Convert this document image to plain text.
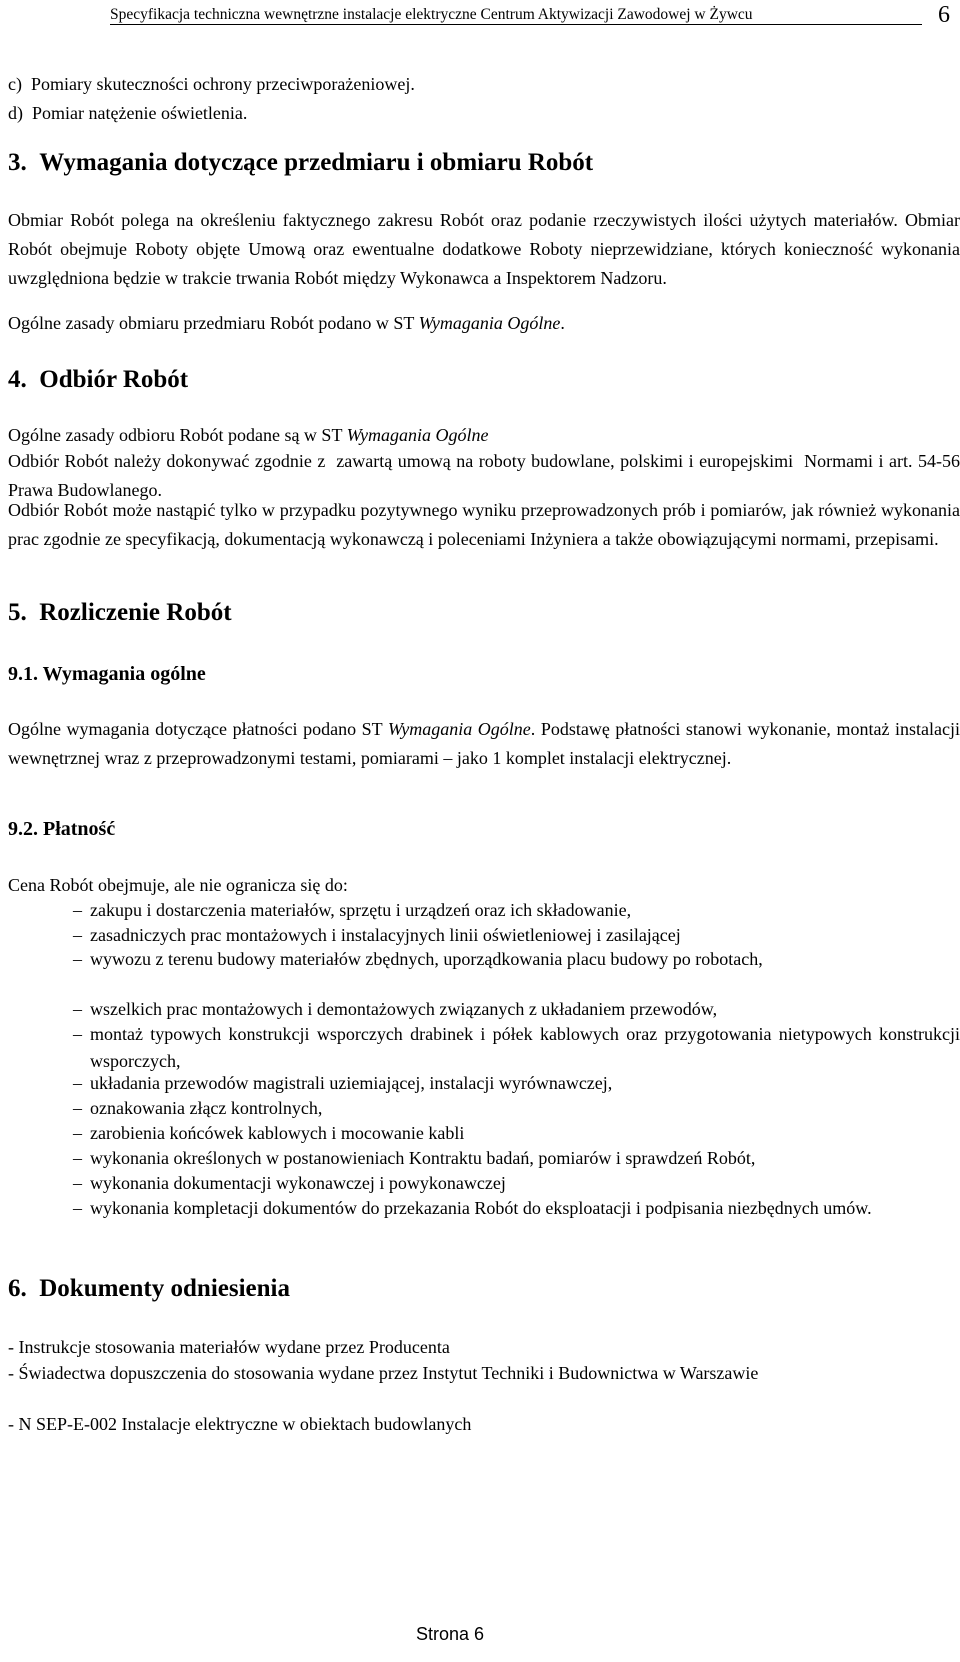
Specyfikacja techniczna wewnętrzne instalacje elektryczne Centrum Aktywizacji Zawodowej w Żywcu	6
c)  Pomiary skuteczności ochrony przeciwporażeniowej.
d)  Pomiar natężenie oświetlenia.
3.  Wymagania dotyczące przedmiaru i obmiaru Robót
Obmiar Robót polega na określeniu faktycznego zakresu Robót oraz podanie rzeczywistych ilości użytych materiałów. Obmiar Robót obejmuje Roboty objęte Umową oraz ewentualne dodatkowe Roboty nieprzewidziane, których konieczność wykonania uwzględniona będzie w trakcie trwania Robót między Wykonawca a Inspektorem Nadzoru.
Ogólne zasady obmiaru przedmiaru Robót podano w ST Wymagania Ogólne.
4.  Odbiór Robót
Ogólne zasady odbioru Robót podane są w ST Wymagania Ogólne
Odbiór Robót należy dokonywać zgodnie z  zawartą umową na roboty budowlane, polskimi i europejskimi  Normami i art. 54-56 Prawa Budowlanego.
Odbiór Robót może nastąpić tylko w przypadku pozytywnego wyniku przeprowadzonych prób i pomiarów, jak również wykonania prac zgodnie ze specyfikacją, dokumentacją wykonawczą i poleceniami Inżyniera a także obowiązującymi normami, przepisami.
5.  Rozliczenie Robót
9.1. Wymagania ogólne
Ogólne wymagania dotyczące płatności podano ST Wymagania Ogólne. Podstawę płatności stanowi wykonanie, montaż instalacji wewnętrznej wraz z przeprowadzonymi testami, pomiarami – jako 1 komplet instalacji elektrycznej.
9.2. Płatność
Cena Robót obejmuje, ale nie ogranicza się do:
– zakupu i dostarczenia materiałów, sprzętu i urządzeń oraz ich składowanie,
– zasadniczych prac montażowych i instalacyjnych linii oświetleniowej i zasilającej
– wywozu z terenu budowy materiałów zbędnych, uporządkowania placu budowy po robotach,
– wszelkich prac montażowych i demontażowych związanych z układaniem przewodów,
– montaż typowych konstrukcji wsporczych drabinek i półek kablowych oraz przygotowania nietypowych konstrukcji wsporczych,
– układania przewodów magistrali uziemiającej, instalacji wyrównawczej,
– oznakowania złącz kontrolnych,
– zarobienia końcówek kablowych i mocowanie kabli
– wykonania określonych w postanowieniach Kontraktu badań, pomiarów i sprawdzeń Robót,
– wykonania dokumentacji wykonawczej i powykonawczej
– wykonania kompletacji dokumentów do przekazania Robót do eksploatacji i podpisania niezbędnych umów.
6.  Dokumenty odniesienia
- Instrukcje stosowania materiałów wydane przez Producenta
- Świadectwa dopuszczenia do stosowania wydane przez Instytut Techniki i Budownictwa w Warszawie
- N SEP-E-002 Instalacje elektryczne w obiektach budowlanych
Strona 6
